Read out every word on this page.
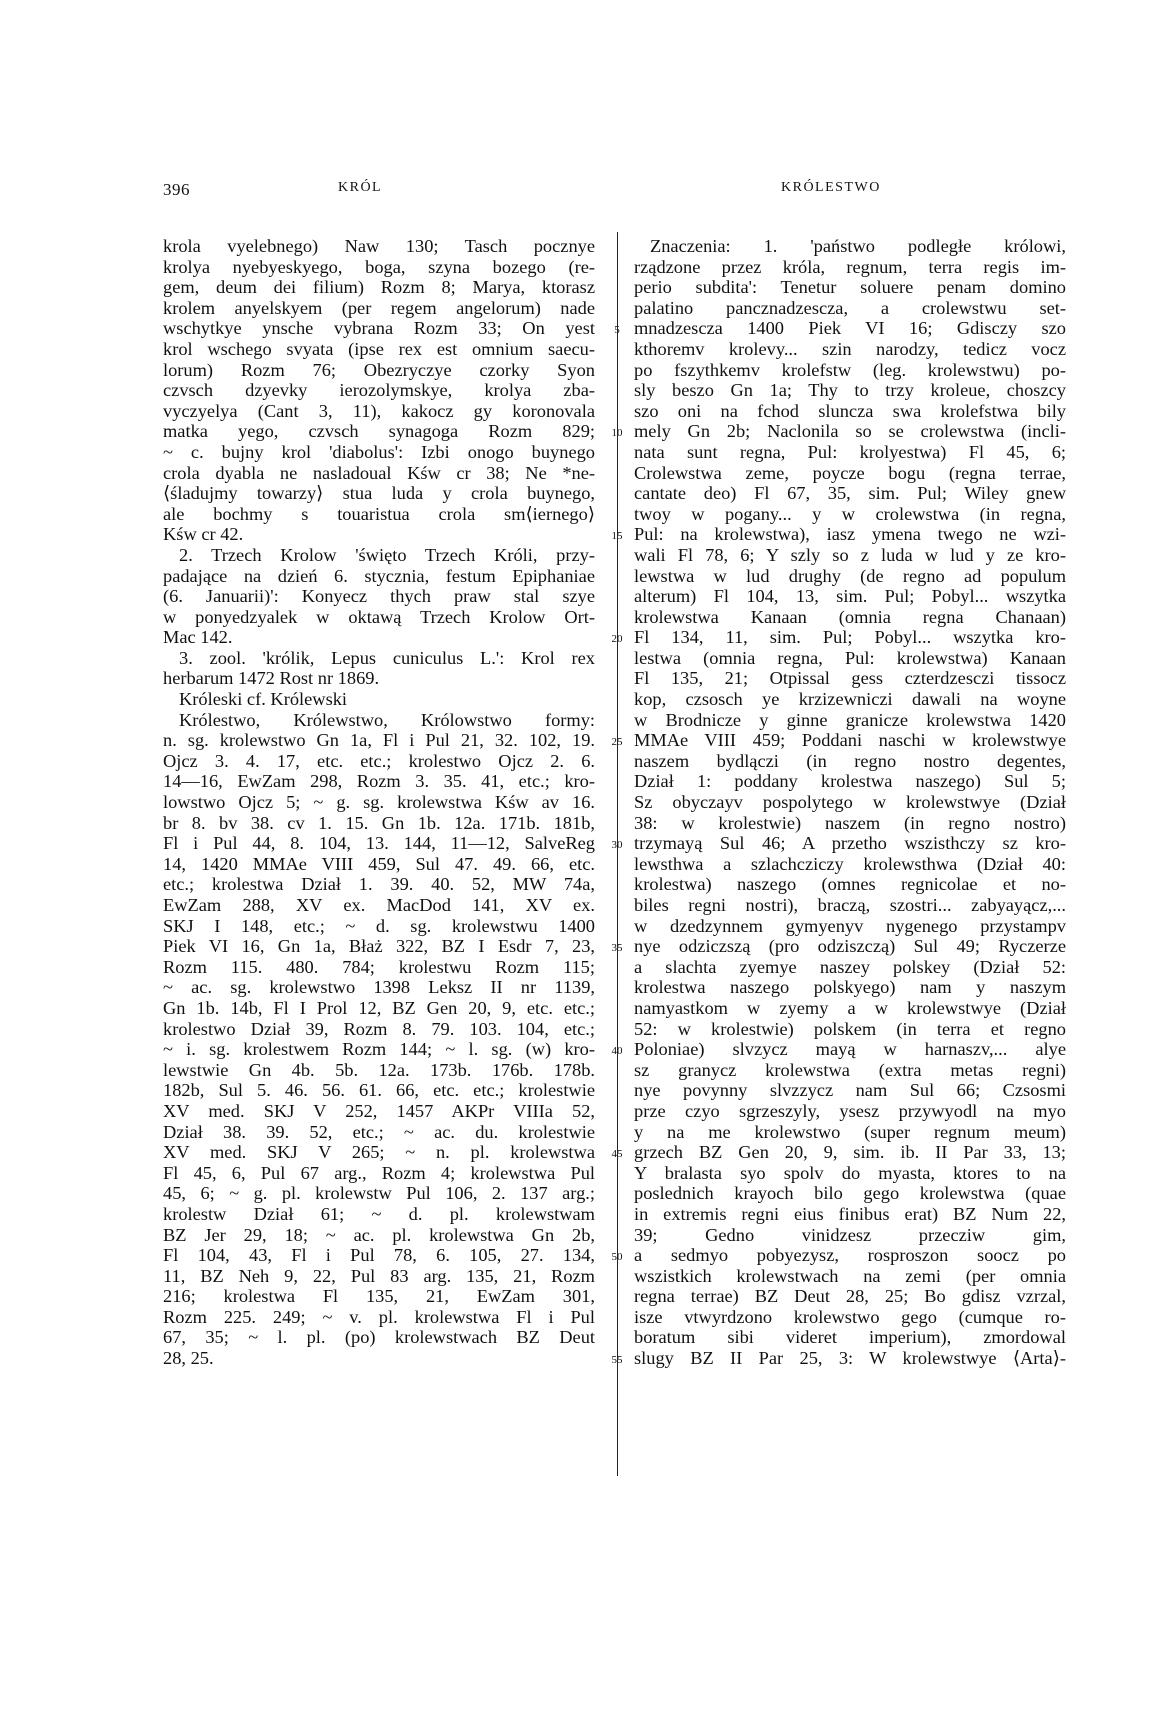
396	KRÓL	KRÓLESTWO
5
10
15
20
25
30
35
40
45
50
55
krola vyelebnego) Naw 130; Tasch pocznye
krolya nyebyeskyego, boga, szyna bozego (re-
gem, deum dei filium) Rozm 8; Marya, ktorasz
krolem anyelskyem (per regem angelorum) nade
wschytkye ynsche vybrana Rozm 33; On yest
krol wschego svyata (ipse rex est omnium saecu-
lorum) Rozm 76; Obezryczye czorky Syon
czvsch dzyevky ierozolymskye, krolya zba-
vyczyelya (Cant 3, 11), kakocz gy koronovala
matka yego, czvsch synagoga Rozm 829;
~ c. bujny krol 'diabolus': Izbi onogo buynego
crola dyabla ne nasladoual Kśw cr 38; Ne *ne-
⟨śladujmy towarzy⟩ stua luda y crola buynego,
ale bochmy s touaristua crola sm⟨iernego⟩
Kśw cr 42.
2. Trzech Krolow 'święto Trzech Króli, przy-
padające na dzień 6. stycznia, festum Epiphaniae
(6. Januarii)': Konyecz thych praw stal szye
w ponyedzyalek w oktawą Trzech Krolow Ort-
Mac 142.
3. zool. 'królik, Lepus cuniculus L.': Krol rex
herbarum 1472 Rost nr 1869.
Króleski cf. Królewski
Królestwo, Królewstwo, Królowstwo formy:
n. sg. krolewstwo Gn 1a, Fl i Pul 21, 32. 102, 19.
Ojcz 3. 4. 17, etc. etc.; krolestwo Ojcz 2. 6.
14—16, EwZam 298, Rozm 3. 35. 41, etc.; kro-
lowstwo Ojcz 5; ~ g. sg. krolewstwa Kśw av 16.
br 8. bv 38. cv 1. 15. Gn 1b. 12a. 171b. 181b,
Fl i Pul 44, 8. 104, 13. 144, 11—12, SalveReg
14, 1420 MMAe VIII 459, Sul 47. 49. 66, etc.
etc.; krolestwa Dział 1. 39. 40. 52, MW 74a,
EwZam 288, XV ex. MacDod 141, XV ex.
SKJ I 148, etc.; ~ d. sg. krolewstwu 1400
Piek VI 16, Gn 1a, Błaż 322, BZ I Esdr 7, 23,
Rozm 115. 480. 784; krolestwu Rozm 115;
~ ac. sg. krolewstwo 1398 Leksz II nr 1139,
Gn 1b. 14b, Fl I Prol 12, BZ Gen 20, 9, etc. etc.;
krolestwo Dział 39, Rozm 8. 79. 103. 104, etc.;
~ i. sg. krolestwem Rozm 144; ~ l. sg. (w) kro-
lewstwie Gn 4b. 5b. 12a. 173b. 176b. 178b.
182b, Sul 5. 46. 56. 61. 66, etc. etc.; krolestwie
XV med. SKJ V 252, 1457 AKPr VIIIa 52,
Dział 38. 39. 52, etc.; ~ ac. du. krolestwie
XV med. SKJ V 265; ~ n. pl. krolewstwa
Fl 45, 6, Pul 67 arg., Rozm 4; krolewstwa Pul
45, 6; ~ g. pl. krolewstw Pul 106, 2. 137 arg.;
krolestw Dział 61; ~ d. pl. krolewstwam
BZ Jer 29, 18; ~ ac. pl. krolewstwa Gn 2b,
Fl 104, 43, Fl i Pul 78, 6. 105, 27. 134,
11, BZ Neh 9, 22, Pul 83 arg. 135, 21, Rozm
216; krolestwa Fl 135, 21, EwZam 301,
Rozm 225. 249; ~ v. pl. krolewstwa Fl i Pul
67, 35; ~ l. pl. (po) krolewstwach BZ Deut
28, 25.
Znaczenia: 1. 'państwo podległe królowi,
rządzone przez króla, regnum, terra regis im-
perio subdita': Tenetur soluere penam domino
palatino pancznadzescza, a crolewstwu set-
mnadzescza 1400 Piek VI 16; Gdisczy szo
kthoremv krolevy... szin narodzy, tedicz vocz
po fszythkemv krolefstw (leg. krolewstwu) po-
sly beszo Gn 1a; Thy to trzy kroleue, choszcy
szo oni na fchod sluncza swa krolefstwa bily
mely Gn 2b; Naclonila so se crolewstwa (incli-
nata sunt regna, Pul: krolyestwa) Fl 45, 6;
Crolewstwa zeme, poycze bogu (regna terrae,
cantate deo) Fl 67, 35, sim. Pul; Wiley gnew
twoy w pogany... y w crolewstwa (in regna,
Pul: na krolewstwa), iasz ymena twego ne wzi-
wali Fl 78, 6; Y szly so z luda w lud y ze kro-
lewstwa w lud drughy (de regno ad populum
alterum) Fl 104, 13, sim. Pul; Pobyl... wszytka
krolewstwa Kanaan (omnia regna Chanaan)
Fl 134, 11, sim. Pul; Pobyl... wszytka kro-
lestwa (omnia regna, Pul: krolewstwa) Kanaan
Fl 135, 21; Otpissal gess czterdzesczi tissocz
kop, czsosch ye krzizewniczi dawali na woyne
w Brodnicze y ginne granicze krolewstwa 1420
MMAe VIII 459; Poddani naschi w krolewstwye
naszem bydlączi (in regno nostro degentes,
Dział 1: poddany krolestwa naszego) Sul 5;
Sz obyczayv pospolytego w krolewstwye (Dział
38: w krolestwie) naszem (in regno nostro)
trzymayą Sul 46; A przetho wszisthczy sz kro-
lewsthwa a szlachcziczy krolewsthwa (Dział 40:
krolestwa) naszego (omnes regnicolae et no-
biles regni nostri), braczą, szostri... zabyayącz,...
w dzedzynnem gymyenyv nygenego przystampv
nye odziczszą (pro odziszczą) Sul 49; Ryczerze
a slachta zyemye naszey polskey (Dział 52:
krolestwa naszego polskyego) nam y naszym
namyastkom w zyemy a w krolewstwye (Dział
52: w krolestwie) polskem (in terra et regno
Poloniae) slvzycz mayą w harnaszv,... alye
sz granycz krolewstwa (extra metas regni)
nye povynny slvzzycz nam Sul 66; Czsosmi
prze czyo sgrzeszyly, ysesz przywyodl na myo
y na me krolewstwo (super regnum meum)
grzech BZ Gen 20, 9, sim. ib. II Par 33, 13;
Y bralasta syo spolv do myasta, ktores to na
poslednich krayoch bilo gego krolewstwa (quae
in extremis regni eius finibus erat) BZ Num 22,
39; Gedno vinidzesz przecziw gim,
a sedmyo pobyezysz, rosproszon sooсz po
wszistkich krolewstwach na zemi (per omnia
regna terrae) BZ Deut 28, 25; Bo gdisz vzrzal,
isze vtwyrdzono krolewstwo gego (cumque ro-
boratum sibi videret imperium), zmordowal
slugy BZ II Par 25, 3: W krolewstwye ⟨Arta⟩-
